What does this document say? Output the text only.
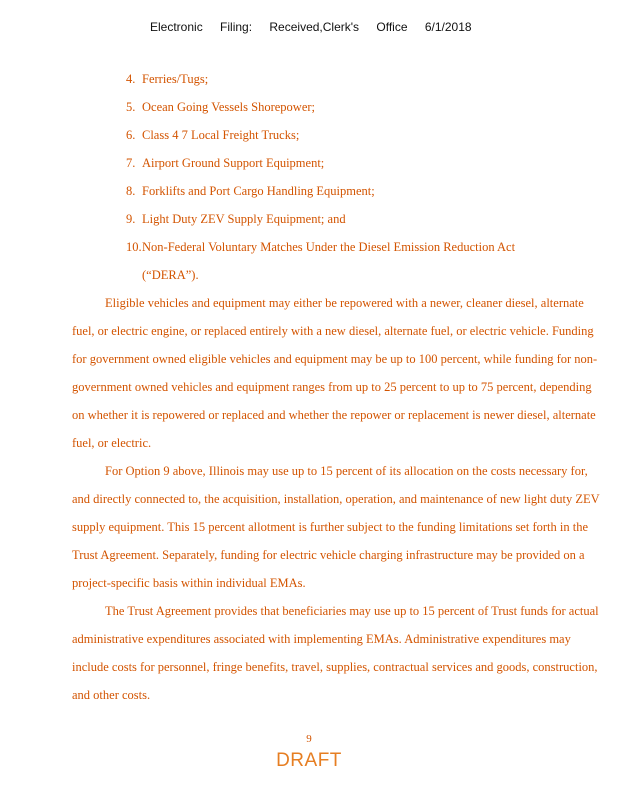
Electronic Filing: Received,Clerk's Office 6/1/2018
4. Ferries/Tugs;
5. Ocean Going Vessels Shorepower;
6. Class 4 7 Local Freight Trucks;
7. Airport Ground Support Equipment;
8. Forklifts and Port Cargo Handling Equipment;
9. Light Duty ZEV Supply Equipment; and
10. Non-Federal Voluntary Matches Under the Diesel Emission Reduction Act (“DERA”).

Eligible vehicles and equipment may either be repowered with a newer, cleaner diesel, alternate fuel, or electric engine, or replaced entirely with a new diesel, alternate fuel, or electric vehicle. Funding for government owned eligible vehicles and equipment may be up to 100 percent, while funding for non-government owned vehicles and equipment ranges from up to 25 percent to up to 75 percent, depending on whether it is repowered or replaced and whether the repower or replacement is newer diesel, alternate fuel, or electric.

For Option 9 above, Illinois may use up to 15 percent of its allocation on the costs necessary for, and directly connected to, the acquisition, installation, operation, and maintenance of new light duty ZEV supply equipment. This 15 percent allotment is further subject to the funding limitations set forth in the Trust Agreement. Separately, funding for electric vehicle charging infrastructure may be provided on a project-specific basis within individual EMAs.

The Trust Agreement provides that beneficiaries may use up to 15 percent of Trust funds for actual administrative expenditures associated with implementing EMAs. Administrative expenditures may include costs for personnel, fringe benefits, travel, supplies, contractual services and goods, construction, and other costs.

9
DRAFT
